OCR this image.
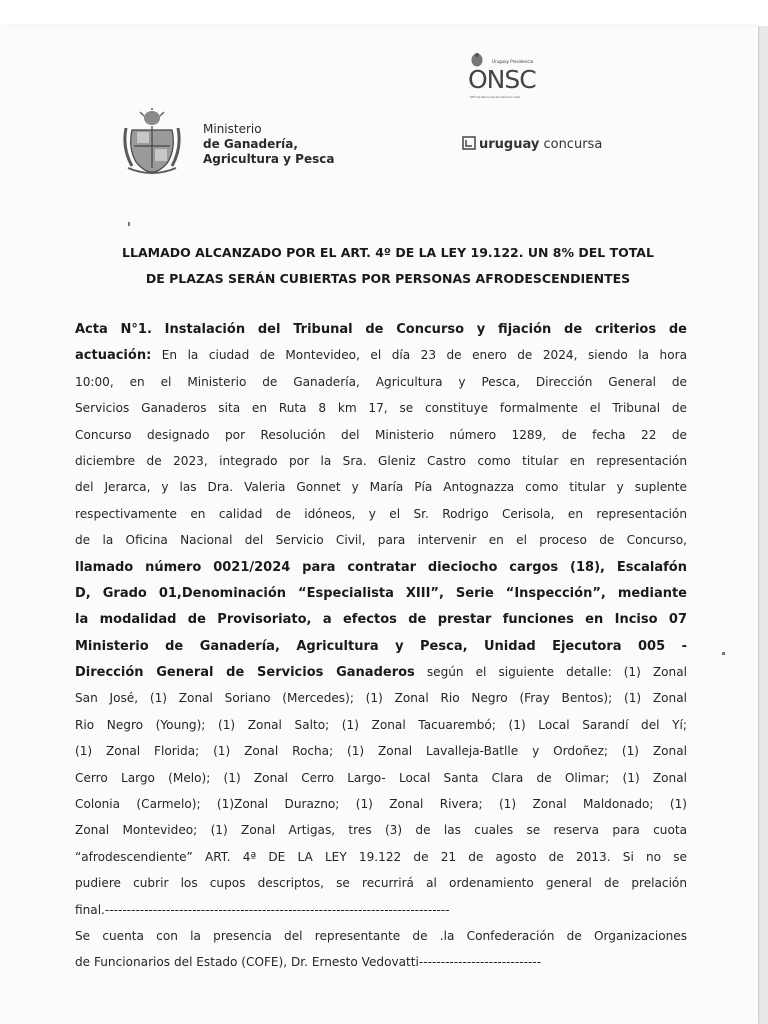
Ministerio
de Ganadería,
Agricultura y Pesca
Uruguay Presidencia
ONSC
Oficina Nacional del Servicio Civil
uruguay concursa
LLAMADO ALCANZADO POR EL ART. 4º DE LA LEY 19.122. UN 8% DEL TOTAL
DE PLAZAS SERÁN CUBIERTAS POR PERSONAS AFRODESCENDIENTES
Acta N°1. Instalación del Tribunal de Concurso y fijación de criterios de
actuación: En la ciudad de Montevideo, el día 23 de enero de 2024, siendo la hora
10:00, en el Ministerio de Ganadería, Agricultura y Pesca, Dirección General de
Servicios Ganaderos sita en Ruta 8 km 17, se constituye formalmente el Tribunal de
Concurso designado por Resolución del Ministerio número 1289, de fecha 22 de
diciembre de 2023, integrado por la Sra. Gleniz Castro como titular en representación
del Jerarca, y las Dra. Valeria Gonnet y María Pía Antognazza como titular y suplente
respectivamente en calidad de idóneos, y el Sr. Rodrigo Cerisola, en representación
de la Oficina Nacional del Servicio Civil, para intervenir en el proceso de Concurso,
llamado número 0021/2024 para contratar dieciocho cargos (18), Escalafón
D, Grado 01,Denominación “Especialista XIII”, Serie “Inspección”, mediante
la modalidad de Provisoriato, a efectos de prestar funciones en Inciso 07
Ministerio de Ganadería, Agricultura y Pesca, Unidad Ejecutora 005 -
Dirección General de Servicios Ganaderos según el siguiente detalle: (1) Zonal
San José, (1) Zonal Soriano (Mercedes); (1) Zonal Rio Negro (Fray Bentos); (1) Zonal
Rio Negro (Young); (1) Zonal Salto; (1) Zonal Tacuarembó; (1) Local Sarandí del Yí;
(1) Zonal Florida; (1) Zonal Rocha; (1) Zonal Lavalleja-Batlle y Ordoñez; (1) Zonal
Cerro Largo (Melo); (1) Zonal Cerro Largo- Local Santa Clara de Olimar; (1) Zonal
Colonia (Carmelo); (1)Zonal Durazno; (1) Zonal Rivera; (1) Zonal Maldonado; (1)
Zonal Montevideo; (1) Zonal Artigas, tres (3) de las cuales se reserva para cuota
“afrodescendiente” ART. 4ª DE LA LEY 19.122 de 21 de agosto de 2013. Si no se
pudiere cubrir los cupos descriptos, se recurrirá al ordenamiento general de prelación
final.-------------------------------------------------------------------------------
Se cuenta con la presencia del representante de .la Confederación de Organizaciones
de Funcionarios del Estado (COFE), Dr. Ernesto Vedovatti----------------------------
